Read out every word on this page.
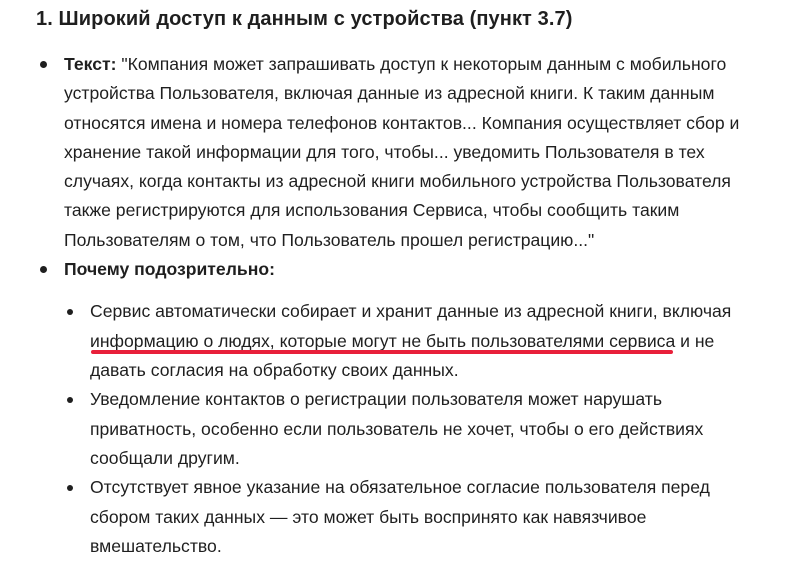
1. Широкий доступ к данным с устройства (пункт 3.7)
Текст: "Компания может запрашивать доступ к некоторым данным с мобильного
устройства Пользователя, включая данные из адресной книги. К таким данным
относятся имена и номера телефонов контактов... Компания осуществляет сбор и
хранение такой информации для того, чтобы... уведомить Пользователя в тех
случаях, когда контакты из адресной книги мобильного устройства Пользователя
также регистрируются для использования Сервиса, чтобы сообщить таким
Пользователям о том, что Пользователь прошел регистрацию..."
Почему подозрительно:
Сервис автоматически собирает и хранит данные из адресной книги, включая
информацию о людях, которые могут не быть пользователями сервиса и не
давать согласия на обработку своих данных.
Уведомление контактов о регистрации пользователя может нарушать
приватность, особенно если пользователь не хочет, чтобы о его действиях
сообщали другим.
Отсутствует явное указание на обязательное согласие пользователя перед
сбором таких данных — это может быть воспринято как навязчивое
вмешательство.
